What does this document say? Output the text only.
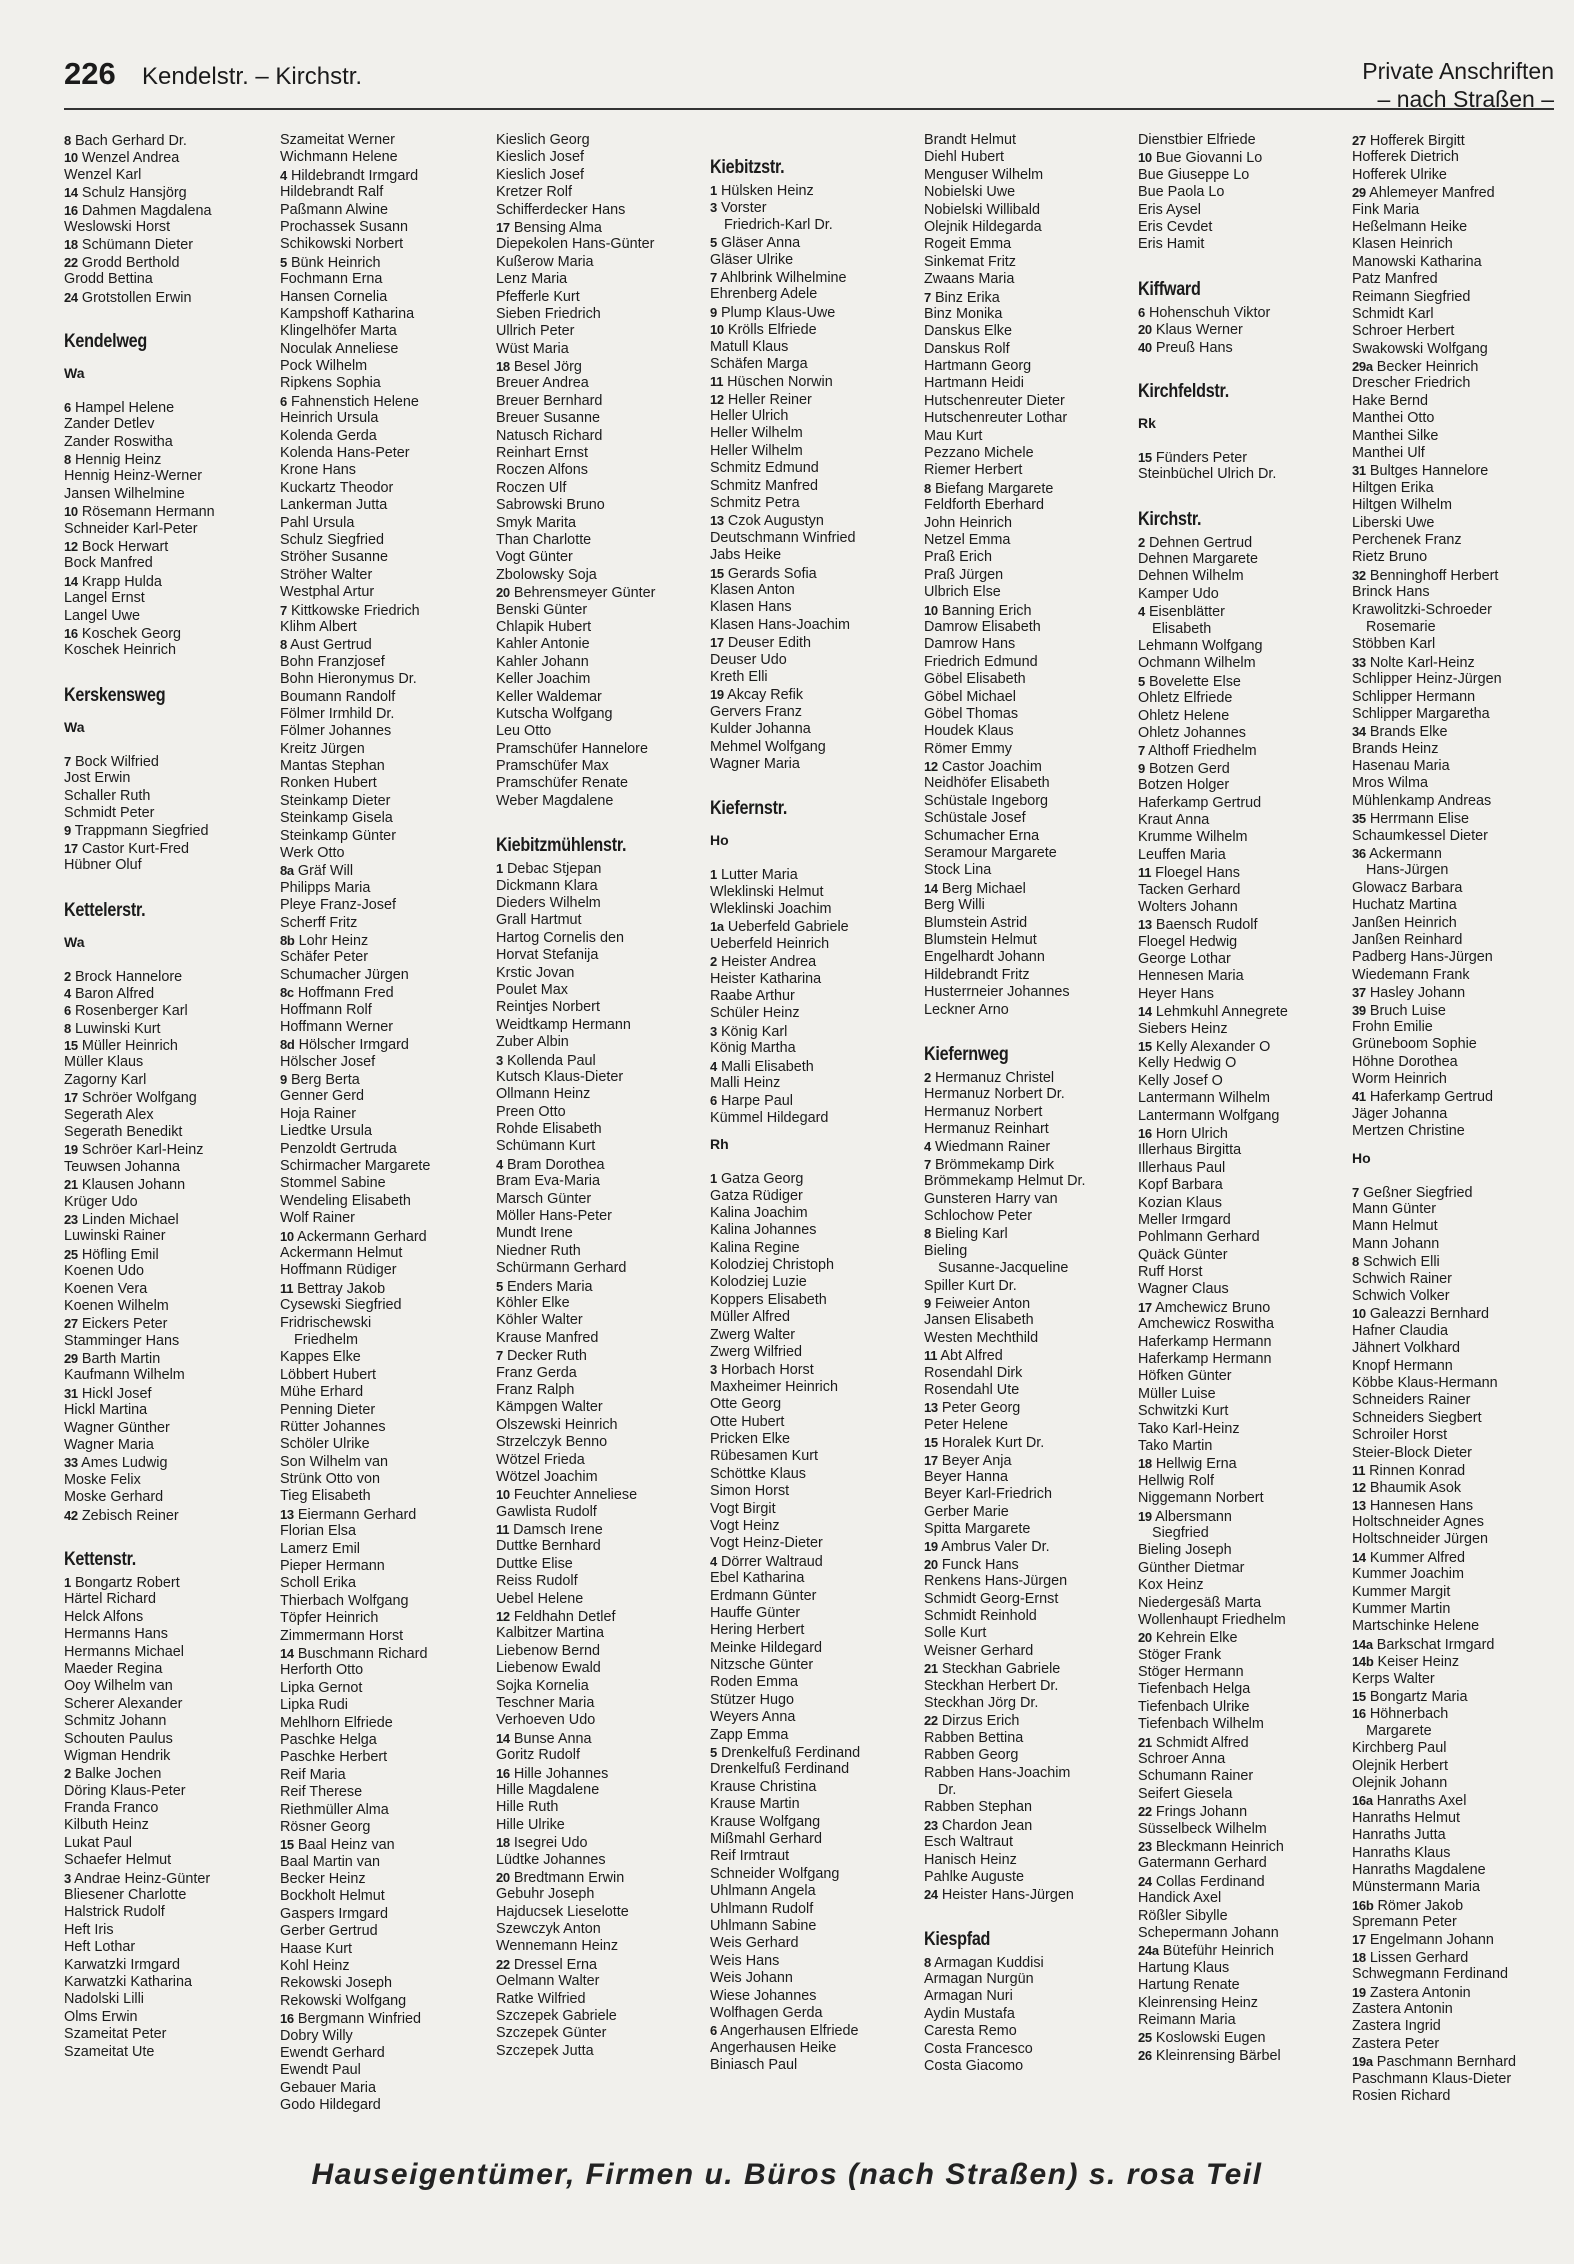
226 Kendelstr. – Kirchstr.	Private Anschriften
– nach Straßen –
8 Bach Gerhard Dr.
10 Wenzel Andrea
Wenzel Karl
14 Schulz Hansjörg
16 Dahmen Magdalena
Weslowski Horst
18 Schümann Dieter
22 Grodd Berthold
Grodd Bettina
24 Grotstollen Erwin
Kendelweg
Wa
6 Hampel Helene
Zander Detlev
Zander Roswitha
8 Hennig Heinz
Hennig Heinz-Werner
Jansen Wilhelmine
10 Rösemann Hermann
Schneider Karl-Peter
12 Bock Herwart
Bock Manfred
14 Krapp Hulda
Langel Ernst
Langel Uwe
16 Koschek Georg
Koschek Heinrich
Kerskensweg
Wa
7 Bock Wilfried
Jost Erwin
Schaller Ruth
Schmidt Peter
9 Trappmann Siegfried
17 Castor Kurt-Fred
Hübner Oluf
Kettelerstr.
Wa
2 Brock Hannelore
4 Baron Alfred
6 Rosenberger Karl
8 Luwinski Kurt
15 Müller Heinrich
Müller Klaus
Zagorny Karl
17 Schröer Wolfgang
Segerath Alex
Segerath Benedikt
19 Schröer Karl-Heinz
Teuwsen Johanna
21 Klausen Johann
Krüger Udo
23 Linden Michael
Luwinski Rainer
25 Höfling Emil
Koenen Udo
Koenen Vera
Koenen Wilhelm
27 Eickers Peter
Stamminger Hans
29 Barth Martin
Kaufmann Wilhelm
31 Hickl Josef
Hickl Martina
Wagner Günther
Wagner Maria
33 Ames Ludwig
Moske Felix
Moske Gerhard
42 Zebisch Reiner
Kettenstr.
1 Bongartz Robert
Härtel Richard
Helck Alfons
Hermanns Hans
Hermanns Michael
Maeder Regina
Ooy Wilhelm van
Scherer Alexander
Schmitz Johann
Schouten Paulus
Wigman Hendrik
2 Balke Jochen
Döring Klaus-Peter
Franda Franco
Kilbuth Heinz
Lukat Paul
Schaefer Helmut
3 Andrae Heinz-Günter
Bliesener Charlotte
Halstrick Rudolf
Heft Iris
Heft Lothar
Karwatzki Irmgard
Karwatzki Katharina
Nadolski Lilli
Olms Erwin
Szameitat Peter
Szameitat Ute
Szameitat Werner
Wichmann Helene
4 Hildebrandt Irmgard
Hildebrandt Ralf
Paßmann Alwine
Prochassek Susann
Schikowski Norbert
5 Bünk Heinrich
Fochmann Erna
Hansen Cornelia
Kampshoff Katharina
Klingelhöfer Marta
Noculak Anneliese
Pock Wilhelm
Ripkens Sophia
6 Fahnenstich Helene
Heinrich Ursula
Kolenda Gerda
Kolenda Hans-Peter
Krone Hans
Kuckartz Theodor
Lankerman Jutta
Pahl Ursula
Schulz Siegfried
Ströher Susanne
Ströher Walter
Westphal Artur
7 Kittkowske Friedrich
Klihm Albert
8 Aust Gertrud
Bohn Franzjosef
Bohn Hieronymus Dr.
Boumann Randolf
Fölmer Irmhild Dr.
Fölmer Johannes
Kreitz Jürgen
Mantas Stephan
Ronken Hubert
Steinkamp Dieter
Steinkamp Gisela
Steinkamp Günter
Werk Otto
8a Gräf Will
Philipps Maria
Pleye Franz-Josef
Scherff Fritz
8b Lohr Heinz
Schäfer Peter
Schumacher Jürgen
8c Hoffmann Fred
Hoffmann Rolf
Hoffmann Werner
8d Hölscher Irmgard
Hölscher Josef
9 Berg Berta
Genner Gerd
Hoja Rainer
Liedtke Ursula
Penzoldt Gertruda
Schirmacher Margarete
Stommel Sabine
Wendeling Elisabeth
Wolf Rainer
10 Ackermann Gerhard
Ackermann Helmut
Hoffmann Rüdiger
11 Bettray Jakob
Cysewski Siegfried
Fridrischewski
Friedhelm
Kappes Elke
Löbbert Hubert
Mühe Erhard
Penning Dieter
Rütter Johannes
Schöler Ulrike
Son Wilhelm van
Strünk Otto von
Tieg Elisabeth
13 Eiermann Gerhard
Florian Elsa
Lamerz Emil
Pieper Hermann
Scholl Erika
Thierbach Wolfgang
Töpfer Heinrich
Zimmermann Horst
14 Buschmann Richard
Herforth Otto
Lipka Gernot
Lipka Rudi
Mehlhorn Elfriede
Paschke Helga
Paschke Herbert
Reif Maria
Reif Therese
Riethmüller Alma
Rösner Georg
15 Baal Heinz van
Baal Martin van
Becker Heinz
Bockholt Helmut
Gaspers Irmgard
Gerber Gertrud
Haase Kurt
Kohl Heinz
Rekowski Joseph
Rekowski Wolfgang
16 Bergmann Winfried
Dobry Willy
Ewendt Gerhard
Ewendt Paul
Gebauer Maria
Godo Hildegard
Kieslich Georg
Kieslich Josef
Kieslich Josef
Kretzer Rolf
Schifferdecker Hans
17 Bensing Alma
Diepekolen Hans-Günter
Kußerow Maria
Lenz Maria
Pfefferle Kurt
Sieben Friedrich
Ullrich Peter
Wüst Maria
18 Besel Jörg
Breuer Andrea
Breuer Bernhard
Breuer Susanne
Natusch Richard
Reinhart Ernst
Roczen Alfons
Roczen Ulf
Sabrowski Bruno
Smyk Marita
Than Charlotte
Vogt Günter
Zbolowsky Soja
20 Behrensmeyer Günter
Benski Günter
Chlapik Hubert
Kahler Antonie
Kahler Johann
Keller Joachim
Keller Waldemar
Kutscha Wolfgang
Leu Otto
Pramschüfer Hannelore
Pramschüfer Max
Pramschüfer Renate
Weber Magdalene
Kiebitzmühlenstr.
1 Debac Stjepan
Dickmann Klara
Dieders Wilhelm
Grall Hartmut
Hartog Cornelis den
Horvat Stefanija
Krstic Jovan
Poulet Max
Reintjes Norbert
Weidtkamp Hermann
Zuber Albin
3 Kollenda Paul
Kutsch Klaus-Dieter
Ollmann Heinz
Preen Otto
Rohde Elisabeth
Schümann Kurt
4 Bram Dorothea
Bram Eva-Maria
Marsch Günter
Möller Hans-Peter
Mundt Irene
Niedner Ruth
Schürmann Gerhard
5 Enders Maria
Köhler Elke
Köhler Walter
Krause Manfred
7 Decker Ruth
Franz Gerda
Franz Ralph
Kämpgen Walter
Olszewski Heinrich
Strzelczyk Benno
Wötzel Frieda
Wötzel Joachim
10 Feuchter Anneliese
Gawlista Rudolf
11 Damsch Irene
Duttke Bernhard
Duttke Elise
Reiss Rudolf
Uebel Helene
12 Feldhahn Detlef
Kalbitzer Martina
Liebenow Bernd
Liebenow Ewald
Sojka Kornelia
Teschner Maria
Verhoeven Udo
14 Bunse Anna
Goritz Rudolf
16 Hille Johannes
Hille Magdalene
Hille Ruth
Hille Ulrike
18 Isegrei Udo
Lüdtke Johannes
20 Bredtmann Erwin
Gebuhr Joseph
Hajducsek Lieselotte
Szewczyk Anton
Wennemann Heinz
22 Dressel Erna
Oelmann Walter
Ratke Wilfried
Szczepek Gabriele
Szczepek Günter
Szczepek Jutta
Kiebitzstr.
1 Hülsken Heinz
3 Vorster
Friedrich-Karl Dr.
5 Gläser Anna
Gläser Ulrike
7 Ahlbrink Wilhelmine
Ehrenberg Adele
9 Plump Klaus-Uwe
10 Krölls Elfriede
Matull Klaus
Schäfen Marga
11 Hüschen Norwin
12 Heller Reiner
Heller Ulrich
Heller Wilhelm
Heller Wilhelm
Schmitz Edmund
Schmitz Manfred
Schmitz Petra
13 Czok Augustyn
Deutschmann Winfried
Jabs Heike
15 Gerards Sofia
Klasen Anton
Klasen Hans
Klasen Hans-Joachim
17 Deuser Edith
Deuser Udo
Kreth Elli
19 Akcay Refik
Gervers Franz
Kulder Johanna
Mehmel Wolfgang
Wagner Maria
Kiefernstr.
Ho
1 Lutter Maria
Wleklinski Helmut
Wleklinski Joachim
1a Ueberfeld Gabriele
Ueberfeld Heinrich
2 Heister Andrea
Heister Katharina
Raabe Arthur
Schüler Heinz
3 König Karl
König Martha
4 Malli Elisabeth
Malli Heinz
6 Harpe Paul
Kümmel Hildegard
Rh
1 Gatza Georg
Gatza Rüdiger
Kalina Joachim
Kalina Johannes
Kalina Regine
Kolodziej Christoph
Kolodziej Luzie
Koppers Elisabeth
Müller Alfred
Zwerg Walter
Zwerg Wilfried
3 Horbach Horst
Maxheimer Heinrich
Otte Georg
Otte Hubert
Pricken Elke
Rübesamen Kurt
Schöttke Klaus
Simon Horst
Vogt Birgit
Vogt Heinz
Vogt Heinz-Dieter
4 Dörrer Waltraud
Ebel Katharina
Erdmann Günter
Hauffe Günter
Hering Herbert
Meinke Hildegard
Nitzsche Günter
Roden Emma
Stützer Hugo
Weyers Anna
Zapp Emma
5 Drenkelfuß Ferdinand
Drenkelfuß Ferdinand
Krause Christina
Krause Martin
Krause Wolfgang
Mißmahl Gerhard
Reif Irmtraut
Schneider Wolfgang
Uhlmann Angela
Uhlmann Rudolf
Uhlmann Sabine
Weis Gerhard
Weis Hans
Weis Johann
Wiese Johannes
Wolfhagen Gerda
6 Angerhausen Elfriede
Angerhausen Heike
Biniasch Paul
Brandt Helmut
Diehl Hubert
Menguser Wilhelm
Nobielski Uwe
Nobielski Willibald
Olejnik Hildegarda
Rogeit Emma
Sinkemat Fritz
Zwaans Maria
7 Binz Erika
Binz Monika
Danskus Elke
Danskus Rolf
Hartmann Georg
Hartmann Heidi
Hutschenreuter Dieter
Hutschenreuter Lothar
Mau Kurt
Pezzano Michele
Riemer Herbert
8 Biefang Margarete
Feldforth Eberhard
John Heinrich
Netzel Emma
Praß Erich
Praß Jürgen
Ulbrich Else
10 Banning Erich
Damrow Elisabeth
Damrow Hans
Friedrich Edmund
Göbel Elisabeth
Göbel Michael
Göbel Thomas
Houdek Klaus
Römer Emmy
12 Castor Joachim
Neidhöfer Elisabeth
Schüstale Ingeborg
Schüstale Josef
Schumacher Erna
Seramour Margarete
Stock Lina
14 Berg Michael
Berg Willi
Blumstein Astrid
Blumstein Helmut
Engelhardt Johann
Hildebrandt Fritz
Husterrneier Johannes
Leckner Arno
Kiefernweg
2 Hermanuz Christel
Hermanuz Norbert Dr.
Hermanuz Norbert
Hermanuz Reinhart
4 Wiedmann Rainer
7 Brömmekamp Dirk
Brömmekamp Helmut Dr.
Gunsteren Harry van
Schlochow Peter
8 Bieling Karl
Bieling
Susanne-Jacqueline
Spiller Kurt Dr.
9 Feiweier Anton
Jansen Elisabeth
Westen Mechthild
11 Abt Alfred
Rosendahl Dirk
Rosendahl Ute
13 Peter Georg
Peter Helene
15 Horalek Kurt Dr.
17 Beyer Anja
Beyer Hanna
Beyer Karl-Friedrich
Gerber Marie
Spitta Margarete
19 Ambrus Valer Dr.
20 Funck Hans
Renkens Hans-Jürgen
Schmidt Georg-Ernst
Schmidt Reinhold
Solle Kurt
Weisner Gerhard
21 Steckhan Gabriele
Steckhan Herbert Dr.
Steckhan Jörg Dr.
22 Dirzus Erich
Rabben Bettina
Rabben Georg
Rabben Hans-Joachim
Dr.
Rabben Stephan
23 Chardon Jean
Esch Waltraut
Hanisch Heinz
Pahlke Auguste
24 Heister Hans-Jürgen
Kiespfad
8 Armagan Kuddisi
Armagan Nurgün
Armagan Nuri
Aydin Mustafa
Caresta Remo
Costa Francesco
Costa Giacomo
Dienstbier Elfriede
10 Bue Giovanni Lo
Bue Giuseppe Lo
Bue Paola Lo
Eris Aysel
Eris Cevdet
Eris Hamit
Kiffward
6 Hohenschuh Viktor
20 Klaus Werner
40 Preuß Hans
Kirchfeldstr.
Rk
15 Fünders Peter
Steinbüchel Ulrich Dr.
Kirchstr.
2 Dehnen Gertrud
Dehnen Margarete
Dehnen Wilhelm
Kamper Udo
4 Eisenblätter
Elisabeth
Lehmann Wolfgang
Ochmann Wilhelm
5 Bovelette Else
Ohletz Elfriede
Ohletz Helene
Ohletz Johannes
7 Althoff Friedhelm
9 Botzen Gerd
Botzen Holger
Haferkamp Gertrud
Kraut Anna
Krumme Wilhelm
Leuffen Maria
11 Floegel Hans
Tacken Gerhard
Wolters Johann
13 Baensch Rudolf
Floegel Hedwig
George Lothar
Hennesen Maria
Heyer Hans
14 Lehmkuhl Annegrete
Siebers Heinz
15 Kelly Alexander O
Kelly Hedwig O
Kelly Josef O
Lantermann Wilhelm
Lantermann Wolfgang
16 Horn Ulrich
Illerhaus Birgitta
Illerhaus Paul
Kopf Barbara
Kozian Klaus
Meller Irmgard
Pohlmann Gerhard
Quäck Günter
Ruff Horst
Wagner Claus
17 Amchewicz Bruno
Amchewicz Roswitha
Haferkamp Hermann
Haferkamp Hermann
Höfken Günter
Müller Luise
Schwitzki Kurt
Tako Karl-Heinz
Tako Martin
18 Hellwig Erna
Hellwig Rolf
Niggemann Norbert
19 Albersmann
Siegfried
Bieling Joseph
Günther Dietmar
Kox Heinz
Niedergesäß Marta
Wollenhaupt Friedhelm
20 Kehrein Elke
Stöger Frank
Stöger Hermann
Tiefenbach Helga
Tiefenbach Ulrike
Tiefenbach Wilhelm
21 Schmidt Alfred
Schroer Anna
Schumann Rainer
Seifert Giesela
22 Frings Johann
Süsselbeck Wilhelm
23 Bleckmann Heinrich
Gatermann Gerhard
24 Collas Ferdinand
Handick Axel
Rößler Sibylle
Schepermann Johann
24a Büteführ Heinrich
Hartung Klaus
Hartung Renate
Kleinrensing Heinz
Reimann Maria
25 Koslowski Eugen
26 Kleinrensing Bärbel
27 Hofferek Birgitt
Hofferek Dietrich
Hofferek Ulrike
29 Ahlemeyer Manfred
Fink Maria
Heßelmann Heike
Klasen Heinrich
Manowski Katharina
Patz Manfred
Reimann Siegfried
Schmidt Karl
Schroer Herbert
Swakowski Wolfgang
29a Becker Heinrich
Drescher Friedrich
Hake Bernd
Manthei Otto
Manthei Silke
Manthei Ulf
31 Bultges Hannelore
Hiltgen Erika
Hiltgen Wilhelm
Liberski Uwe
Perchenek Franz
Rietz Bruno
32 Benninghoff Herbert
Brinck Hans
Krawolitzki-Schroeder
Rosemarie
Stöbben Karl
33 Nolte Karl-Heinz
Schlipper Heinz-Jürgen
Schlipper Hermann
Schlipper Margaretha
34 Brands Elke
Brands Heinz
Hasenau Maria
Mros Wilma
Mühlenkamp Andreas
35 Herrmann Elise
Schaumkessel Dieter
36 Ackermann
Hans-Jürgen
Glowacz Barbara
Huchatz Martina
Janßen Heinrich
Janßen Reinhard
Padberg Hans-Jürgen
Wiedemann Frank
37 Hasley Johann
39 Bruch Luise
Frohn Emilie
Grüneboom Sophie
Höhne Dorothea
Worm Heinrich
41 Haferkamp Gertrud
Jäger Johanna
Mertzen Christine
Ho
7 Geßner Siegfried
Mann Günter
Mann Helmut
Mann Johann
8 Schwich Elli
Schwich Rainer
Schwich Volker
10 Galeazzi Bernhard
Hafner Claudia
Jähnert Volkhard
Knopf Hermann
Köbbe Klaus-Hermann
Schneiders Rainer
Schneiders Siegbert
Schroiler Horst
Steier-Block Dieter
11 Rinnen Konrad
12 Bhaumik Asok
13 Hannesen Hans
Holtschneider Agnes
Holtschneider Jürgen
14 Kummer Alfred
Kummer Joachim
Kummer Margit
Kummer Martin
Martschinke Helene
14a Barkschat Irmgard
14b Keiser Heinz
Kerps Walter
15 Bongartz Maria
16 Höhnerbach
Margarete
Kirchberg Paul
Olejnik Herbert
Olejnik Johann
16a Hanraths Axel
Hanraths Helmut
Hanraths Jutta
Hanraths Klaus
Hanraths Magdalene
Münstermann Maria
16b Römer Jakob
Spremann Peter
17 Engelmann Johann
18 Lissen Gerhard
Schwegmann Ferdinand
19 Zastera Antonin
Zastera Antonin
Zastera Ingrid
Zastera Peter
19a Paschmann Bernhard
Paschmann Klaus-Dieter
Rosien Richard
Hauseigentümer, Firmen u. Büros (nach Straßen) s. rosa Teil
